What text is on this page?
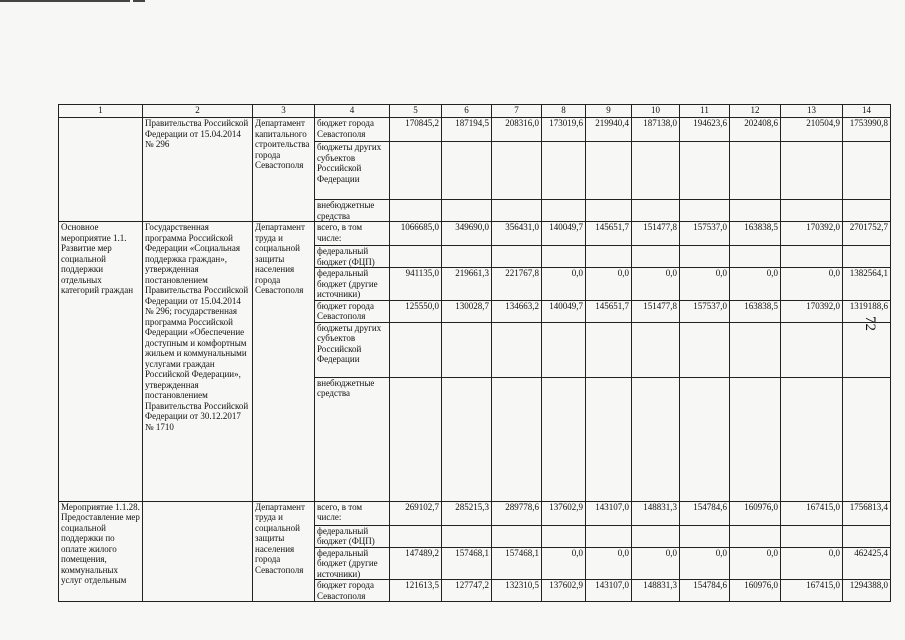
72
1	2	3	4	5	6	7	8	9	10	11	12	13	14
	Правительства Российской Федерации от 15.04.2014 № 296	Департамент капитального строительства города Севастополя	бюджет города Севастополя	170845,2	187194,5	208316,0	173019,6	219940,4	187138,0	194623,6	202408,6	210504,9	1753990,8
			бюджеты других субъектов Российской Федерации										
			внебюджетные средства										
Основное мероприятие 1.1. Развитие мер социальной поддержки отдельных категорий граждан	Государственная программа Российской Федерации «Социальная поддержка граждан», утвержденная постановлением Правительства Российской Федерации от 15.04.2014 № 296; государственная программа Российской Федерации «Обеспечение доступным и комфортным жильем и коммунальными услугами граждан Российской Федерации», утвержденная постановлением Правительства Российской Федерации от 30.12.2017 № 1710	Департамент труда и социальной защиты населения города Севастополя	всего, в том числе:	1066685,0	349690,0	356431,0	140049,7	145651,7	151477,8	157537,0	163838,5	170392,0	2701752,7
			федеральный бюджет (ФЦП)										
			федеральный бюджет (другие источники)	941135,0	219661,3	221767,8	0,0	0,0	0,0	0,0	0,0	0,0	1382564,1
			бюджет города Севастополя	125550,0	130028,7	134663,2	140049,7	145651,7	151477,8	157537,0	163838,5	170392,0	1319188,6
			бюджеты других субъектов Российской Федерации										
			внебюджетные средства										
Мероприятие 1.1.28. Предоставление мер социальной поддержки по оплате жилого помещения, коммунальных услуг отдельным		Департамент труда и социальной защиты населения города Севастополя	всего, в том числе:	269102,7	285215,3	289778,6	137602,9	143107,0	148831,3	154784,6	160976,0	167415,0	1756813,4
			федеральный бюджет (ФЦП)										
			федеральный бюджет (другие источники)	147489,2	157468,1	157468,1	0,0	0,0	0,0	0,0	0,0	0,0	462425,4
			бюджет города Севастополя	121613,5	127747,2	132310,5	137602,9	143107,0	148831,3	154784,6	160976,0	167415,0	1294388,0
